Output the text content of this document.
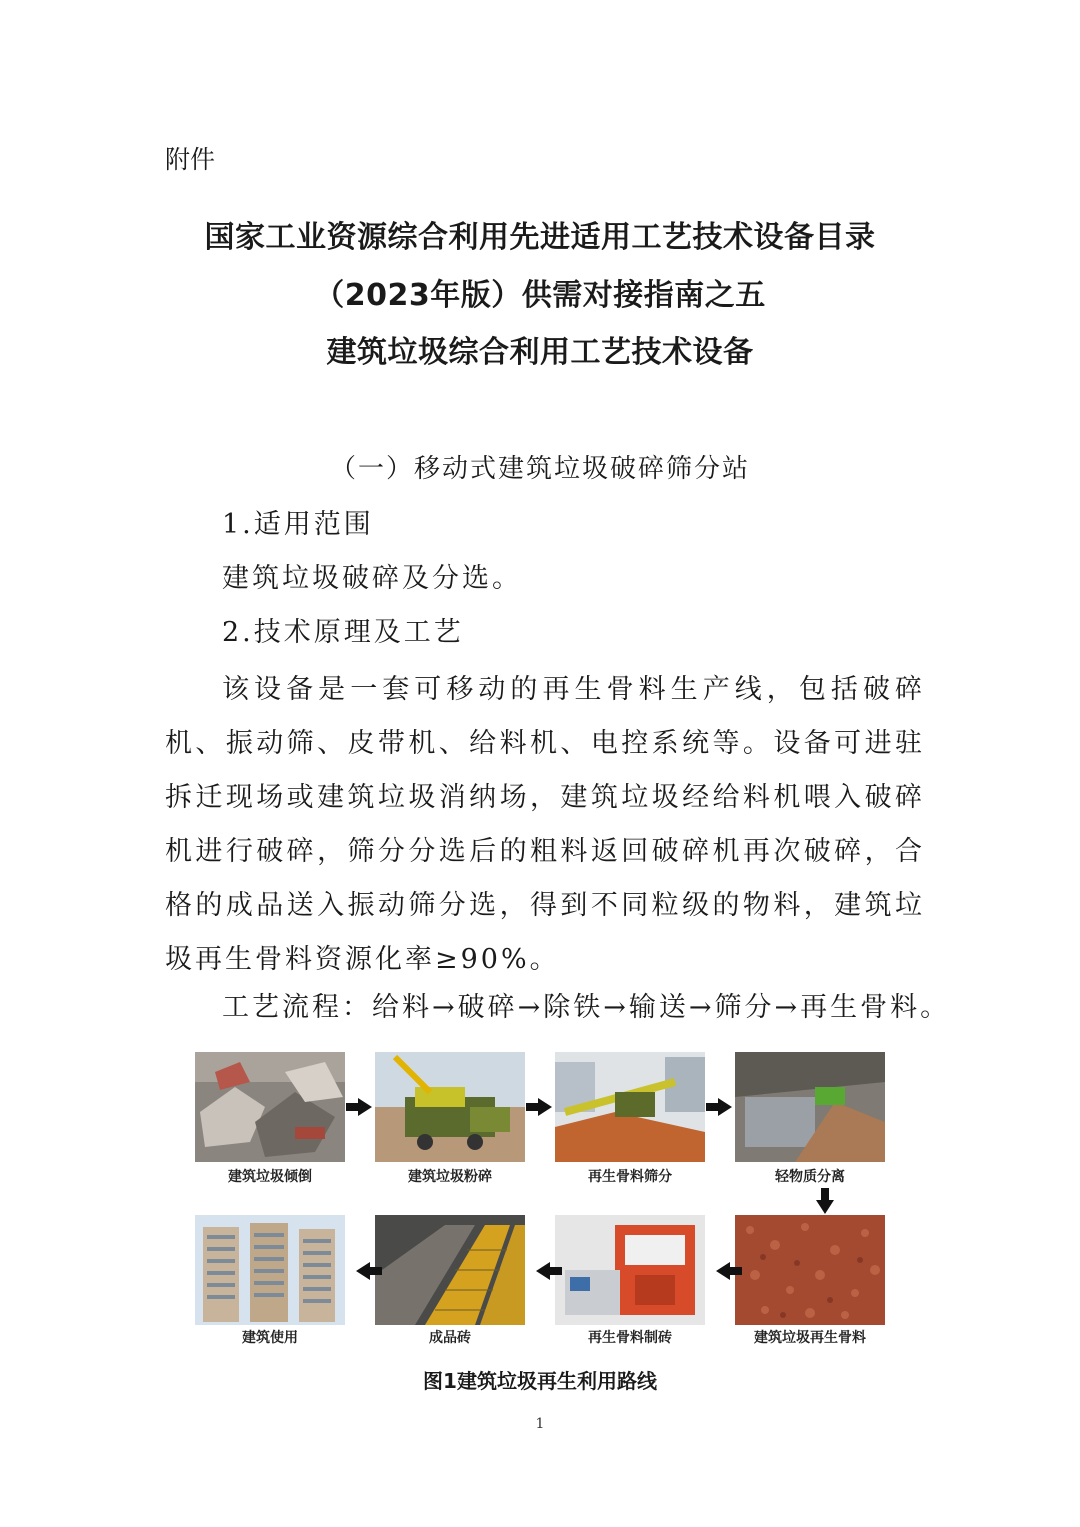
附件
国家工业资源综合利用先进适用工艺技术设备目录
（2023年版）供需对接指南之五
建筑垃圾综合利用工艺技术设备
（一）移动式建筑垃圾破碎筛分站
1.适用范围
建筑垃圾破碎及分选。
2.技术原理及工艺
该设备是一套可移动的再生骨料生产线，包括破碎机、振动筛、皮带机、给料机、电控系统等。设备可进驻拆迁现场或建筑垃圾消纳场，建筑垃圾经给料机喂入破碎机进行破碎，筛分分选后的粗料返回破碎机再次破碎，合格的成品送入振动筛分选，得到不同粒级的物料，建筑垃圾再生骨料资源化率≥90%。
工艺流程：给料→破碎→除铁→输送→筛分→再生骨料。
建筑垃圾倾倒	建筑垃圾粉碎	再生骨料筛分	轻物质分离
建筑使用	成品砖	再生骨料制砖	建筑垃圾再生骨料
图1建筑垃圾再生利用路线
1
